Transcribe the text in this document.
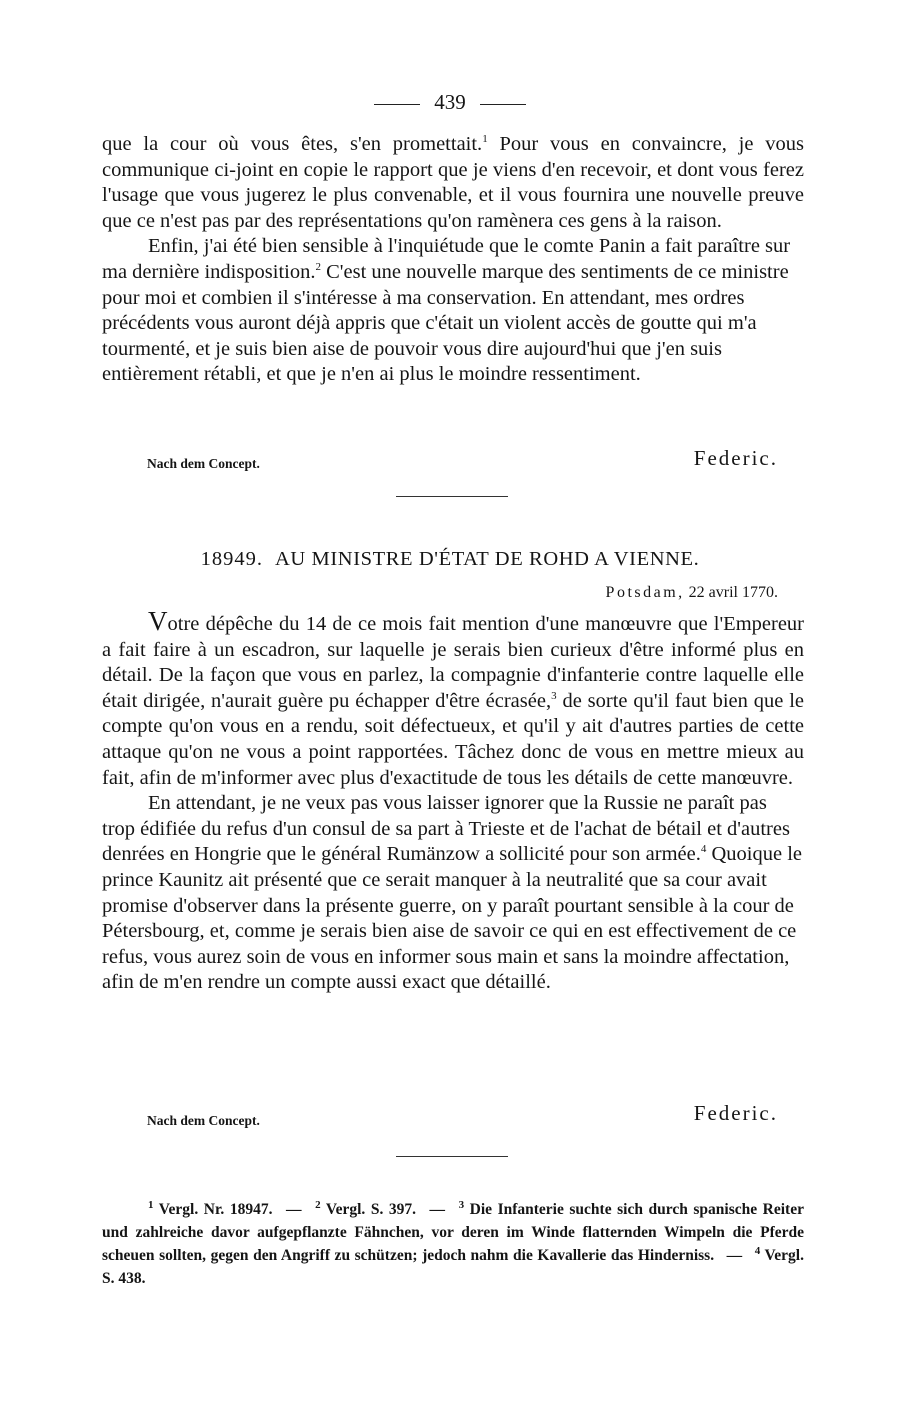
439

que la cour où vous êtes, s'en promettait.$^1$ Pour vous en convaincre, je vous communique ci-joint en copie le rapport que je viens d'en recevoir, et dont vous ferez l'usage que vous jugerez le plus convenable, et il vous fournira une nouvelle preuve que ce n'est pas par des représentations qu'on ramènera ces gens à la raison.

Enfin, j'ai été bien sensible à l'inquiétude que le comte Panin a fait paraître sur ma dernière indisposition.$^2$ C'est une nouvelle marque des sentiments de ce ministre pour moi et combien il s'intéresse à ma conservation. En attendant, mes ordres précédents vous auront déjà appris que c'était un violent accès de goutte qui m'a tourmenté, et je suis bien aise de pouvoir vous dire aujourd'hui que j'en suis entièrement rétabli, et que je n'en ai plus le moindre ressentiment.

Nach dem Concept.	Federic.
18949. AU MINISTRE D'ÉTAT DE ROHD A VIENNE.
Potsdam, 22 avril 1770.

Votre dépêche du 14 de ce mois fait mention d'une manœuvre que l'Empereur a fait faire à un escadron, sur laquelle je serais bien curieux d'être informé plus en détail. De la façon que vous en parlez, la compagnie d'infanterie contre laquelle elle était dirigée, n'aurait guère pu échapper d'être écrasée,$^3$ de sorte qu'il faut bien que le compte qu'on vous en a rendu, soit défectueux, et qu'il y ait d'autres parties de cette attaque qu'on ne vous a point rapportées. Tâchez donc de vous en mettre mieux au fait, afin de m'informer avec plus d'exactitude de tous les détails de cette manœuvre.

En attendant, je ne veux pas vous laisser ignorer que la Russie ne paraît pas trop édifiée du refus d'un consul de sa part à Trieste et de l'achat de bétail et d'autres denrées en Hongrie que le général Rumänzow a sollicité pour son armée.$^4$ Quoique le prince Kaunitz ait présenté que ce serait manquer à la neutralité que sa cour avait promise d'observer dans la présente guerre, on y paraît pourtant sensible à la cour de Pétersbourg, et, comme je serais bien aise de savoir ce qui en est effectivement de ce refus, vous aurez soin de vous en informer sous main et sans la moindre affectation, afin de m'en rendre un compte aussi exact que détaillé.

Nach dem Concept.	Federic.

$^1$ Vergl. Nr. 18947. — $^2$ Vergl. S. 397. — $^3$ Die Infanterie suchte sich durch spanische Reiter und zahlreiche davor aufgepflanzte Fähnchen, vor deren im Winde flatternden Wimpeln die Pferde scheuen sollten, gegen den Angriff zu schützen; jedoch nahm die Kavallerie das Hinderniss. — $^4$ Vergl. S. 438.
